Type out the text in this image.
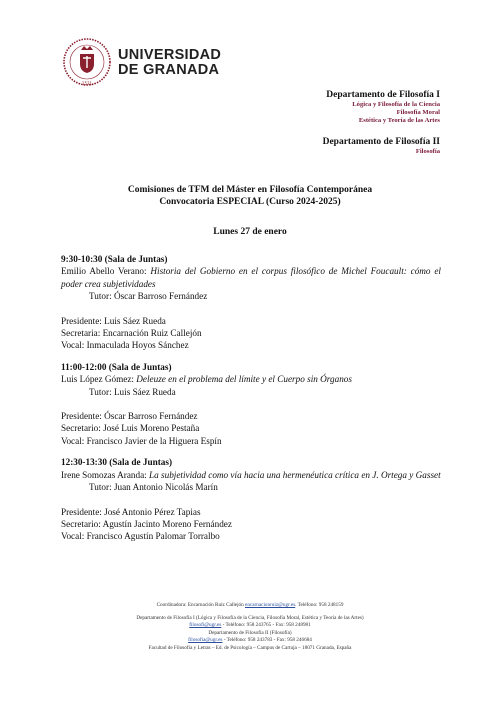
· 1531 ·
UNIVERSIDAD
DE GRANADA
Departamento de Filosofía I
Lógica y Filosofía de la Ciencia
Filosofía Moral
Estética y Teoría de las Artes
Departamento de Filosofía II
Filosofía
Comisiones de TFM del Máster en Filosofía Contemporánea
Convocatoria ESPECIAL (Curso 2024-2025)
Lunes 27 de enero
9:30-10:30 (Sala de Juntas)
Emilio Abello Verano: Historia del Gobierno en el corpus filosófico de Michel Foucault: cómo el poder crea subjetividades
Tutor: Óscar Barroso Fernández
Presidente: Luis Sáez Rueda
Secretaria: Encarnación Ruiz Callejón
Vocal: Inmaculada Hoyos Sánchez
11:00-12:00 (Sala de Juntas)
Luis López Gómez: Deleuze en el problema del límite y el Cuerpo sin Órganos
Tutor: Luis Sáez Rueda
Presidente: Óscar Barroso Fernández
Secretario: José Luis Moreno Pestaña
Vocal: Francisco Javier de la Higuera Espín
12:30-13:30 (Sala de Juntas)
Irene Somozas Aranda: La subjetividad como vía hacia una hermenéutica crítica en J. Ortega y Gasset
Tutor: Juan Antonio Nicolás Marín
Presidente: José Antonio Pérez Tapias
Secretario: Agustín Jacinto Moreno Fernández
Vocal: Francisco Agustín Palomar Torralbo
Coordinadora: Encarnación Ruiz Callejón encarnacionruiz@ugr.es. Teléfono: 958 248159
Departamento de Filosofía I (Lógica y Filosofía de la Ciencia, Filosofía Moral, Estética y Teoría de las Artes)
filosofi@ugr.es - Teléfono: 958 243765 - Fax: 958 248981
Departamento de Filosofía II (Filosofía)
filosofia@ugr.es - Teléfono: 958 243783 - Fax: 958 246684
Facultad de Filosofía y Letras – Ed. de Psicología – Campus de Cartuja – 18071 Granada, España
